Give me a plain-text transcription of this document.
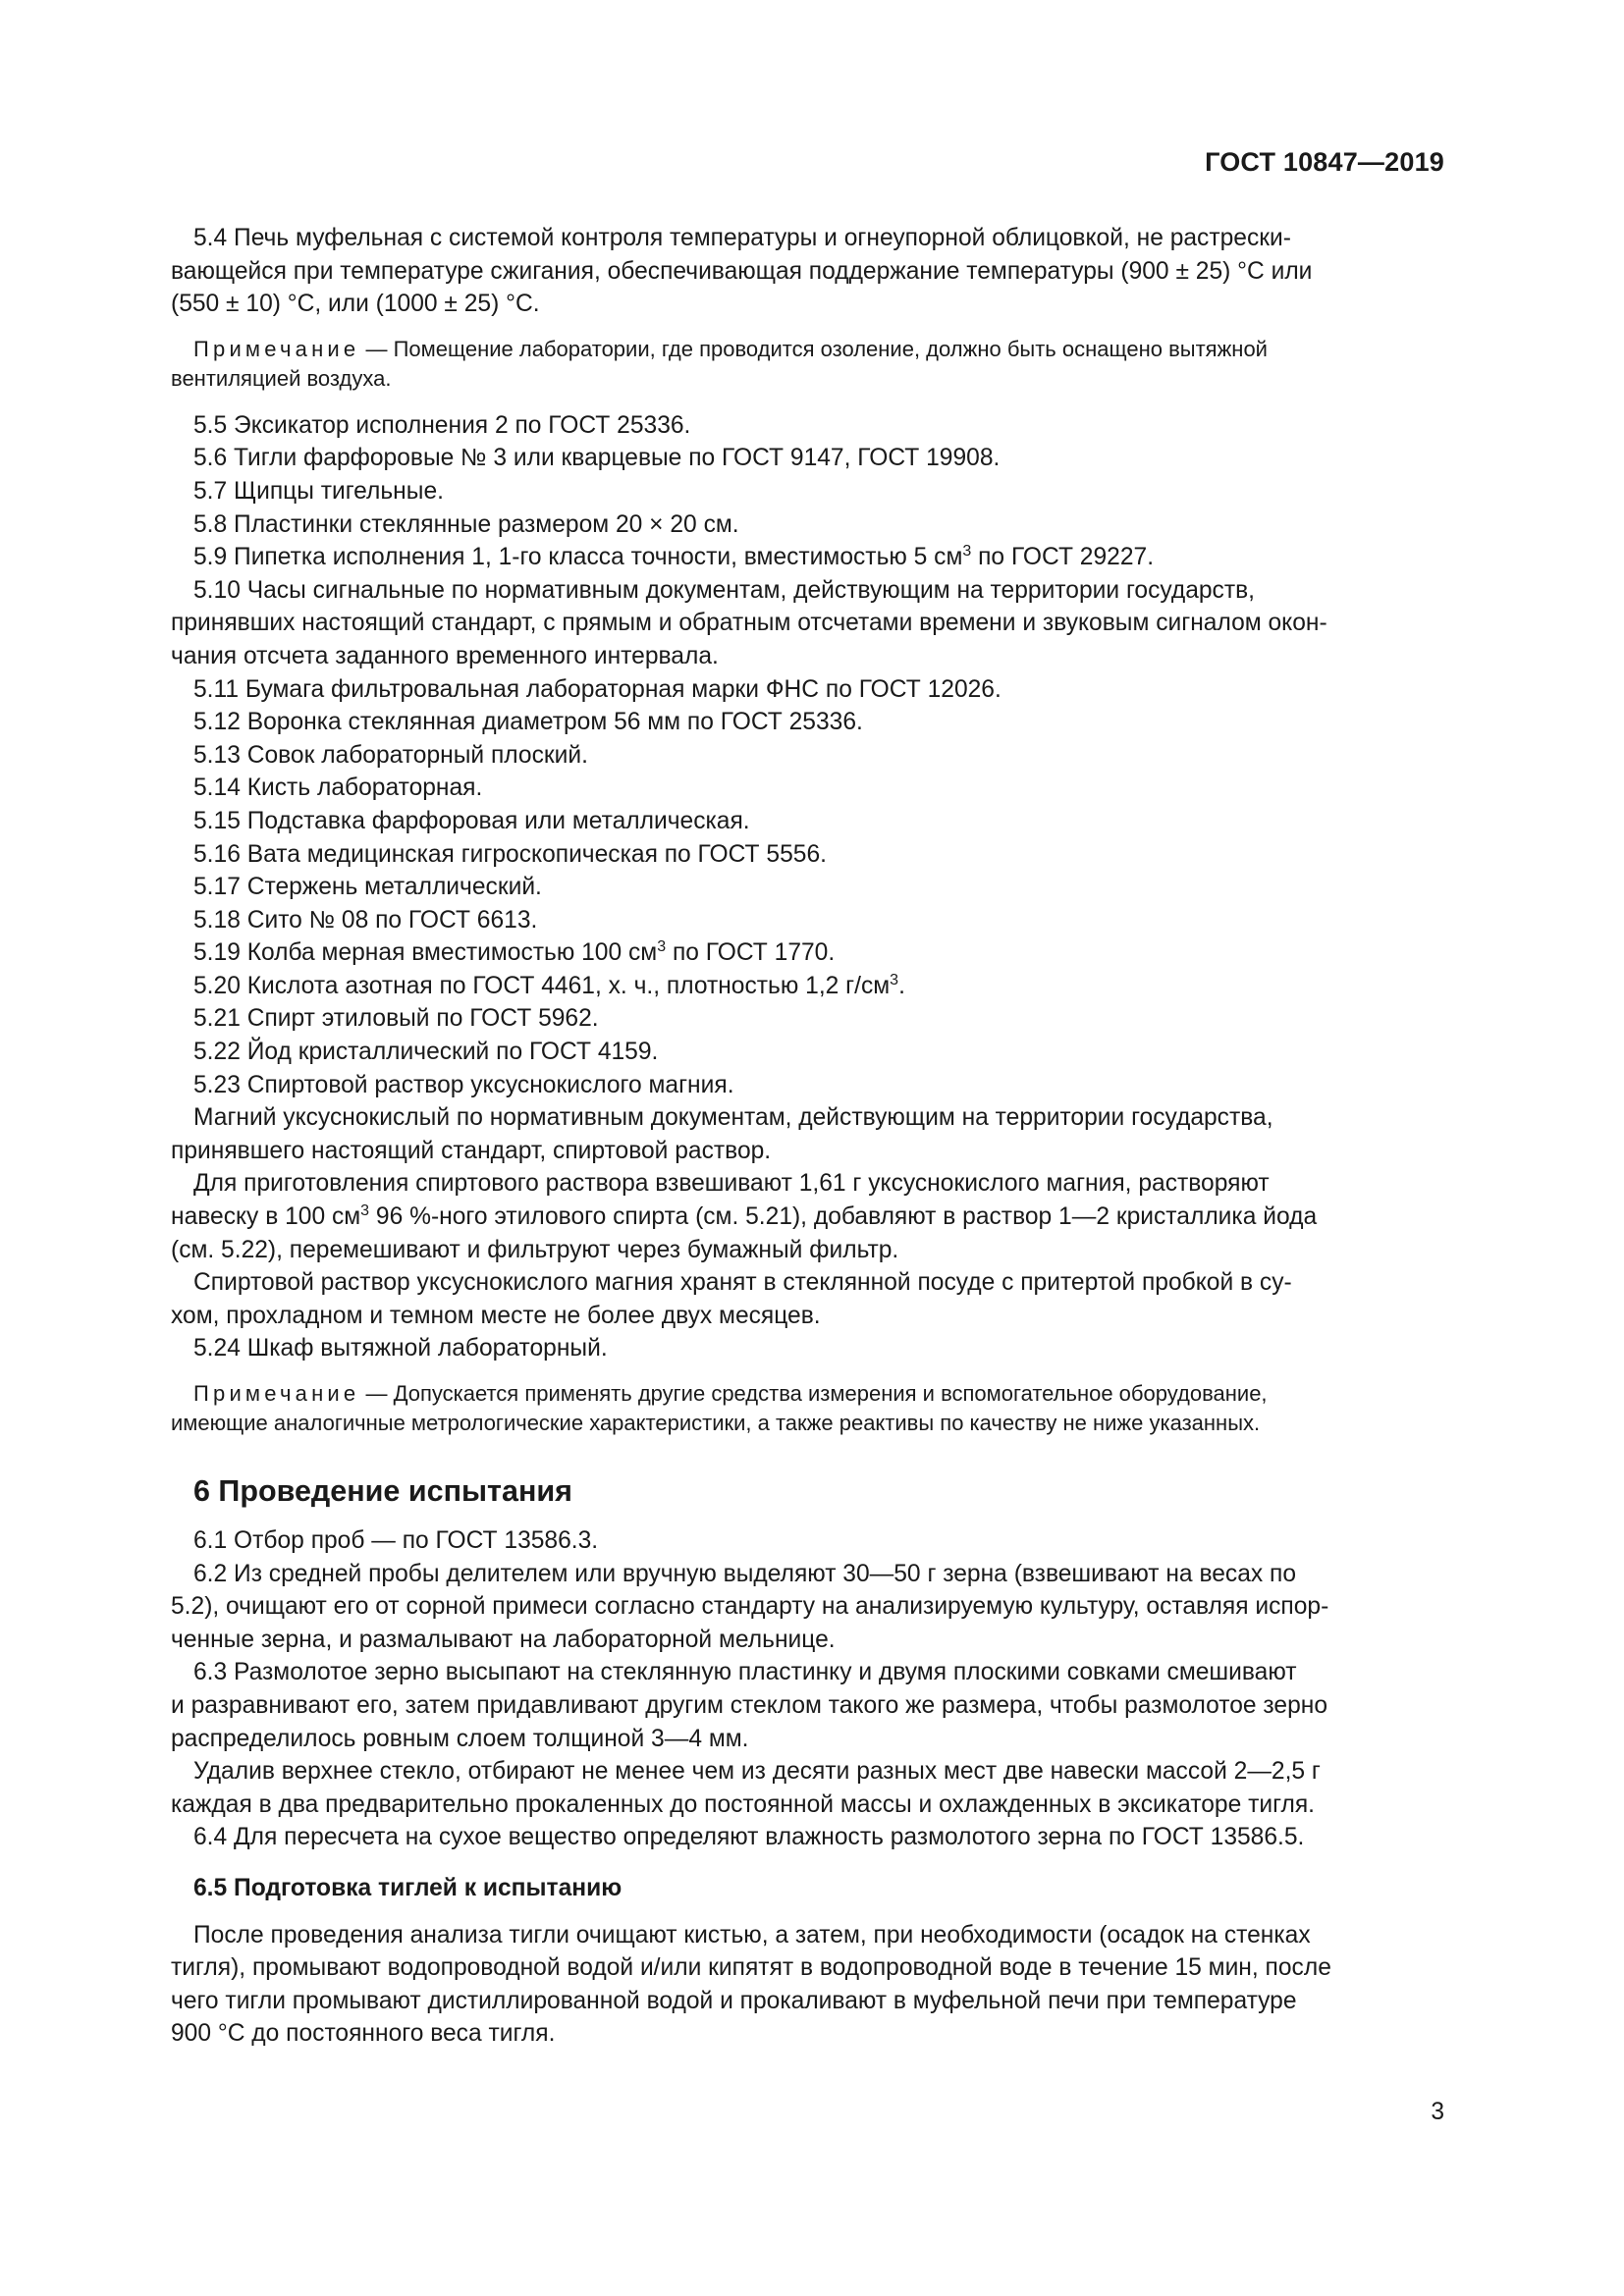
ГОСТ 10847—2019

5.4 Печь муфельная с системой контроля температуры и огнеупорной облицовкой, не растрески-

вающейся при температуре сжигания, обеспечивающая поддержание температуры (900 ± 25) °С или

(550 ± 10) °С, или (1000 ± 25) °С.

Примечание — Помещение лаборатории, где проводится озоление, должно быть оснащено вытяжной

вентиляцией воздуха.

5.5 Эксикатор исполнения 2 по ГОСТ 25336.

5.6 Тигли фарфоровые № 3 или кварцевые по ГОСТ 9147, ГОСТ 19908.

5.7 Щипцы тигельные.

5.8 Пластинки стеклянные размером 20 × 20 см.

5.9 Пипетка исполнения 1, 1-го класса точности, вместимостью 5 $см^3$ по ГОСТ 29227.

5.10 Часы сигнальные по нормативным документам, действующим на территории государств,

принявших настоящий стандарт, с прямым и обратным отсчетами времени и звуковым сигналом окон-

чания отсчета заданного временного интервала.

5.11 Бумага фильтровальная лабораторная марки ФНС по ГОСТ 12026.

5.12 Воронка стеклянная диаметром 56 мм по ГОСТ 25336.

5.13 Совок лабораторный плоский.

5.14 Кисть лабораторная.

5.15 Подставка фарфоровая или металлическая.

5.16 Вата медицинская гигроскопическая по ГОСТ 5556.

5.17 Стержень металлический.

5.18 Сито № 08 по ГОСТ 6613.

5.19 Колба мерная вместимостью 100 $см^3$ по ГОСТ 1770.

5.20 Кислота азотная по ГОСТ 4461, х. ч., плотностью 1,2 $г/см^3$.

5.21 Спирт этиловый по ГОСТ 5962.

5.22 Йод кристаллический по ГОСТ 4159.

5.23 Спиртовой раствор уксуснокислого магния.

Магний уксуснокислый по нормативным документам, действующим на территории государства,

принявшего настоящий стандарт, спиртовой раствор.

Для приготовления спиртового раствора взвешивают 1,61 г уксуснокислого магния, растворяют

навеску в 100 $см^3$ 96 %-ного этилового спирта (см. 5.21), добавляют в раствор 1—2 кристаллика йода

(см. 5.22), перемешивают и фильтруют через бумажный фильтр.

Спиртовой раствор уксуснокислого магния хранят в стеклянной посуде с притертой пробкой в су-

хом, прохладном и темном месте не более двух месяцев.

5.24 Шкаф вытяжной лабораторный.

Примечание — Допускается применять другие средства измерения и вспомогательное оборудование,

имеющие аналогичные метрологические характеристики, а также реактивы по качеству не ниже указанных.

6 Проведение испытания

6.1 Отбор проб — по ГОСТ 13586.3.

6.2 Из средней пробы делителем или вручную выделяют 30—50 г зерна (взвешивают на весах по

5.2), очищают его от сорной примеси согласно стандарту на анализируемую культуру, оставляя испор-

ченные зерна, и размалывают на лабораторной мельнице.

6.3 Размолотое зерно высыпают на стеклянную пластинку и двумя плоскими совками смешивают

и разравнивают его, затем придавливают другим стеклом такого же размера, чтобы размолотое зерно

распределилось ровным слоем толщиной 3—4 мм.

Удалив верхнее стекло, отбирают не менее чем из десяти разных мест две навески массой 2—2,5 г

каждая в два предварительно прокаленных до постоянной массы и охлажденных в эксикаторе тигля.

6.4 Для пересчета на сухое вещество определяют влажность размолотого зерна по ГОСТ 13586.5.

6.5 Подготовка тиглей к испытанию

После проведения анализа тигли очищают кистью, а затем, при необходимости (осадок на стенках

тигля), промывают водопроводной водой и/или кипятят в водопроводной воде в течение 15 мин, после

чего тигли промывают дистиллированной водой и прокаливают в муфельной печи при температуре

900 °С до постоянного веса тигля.

3
